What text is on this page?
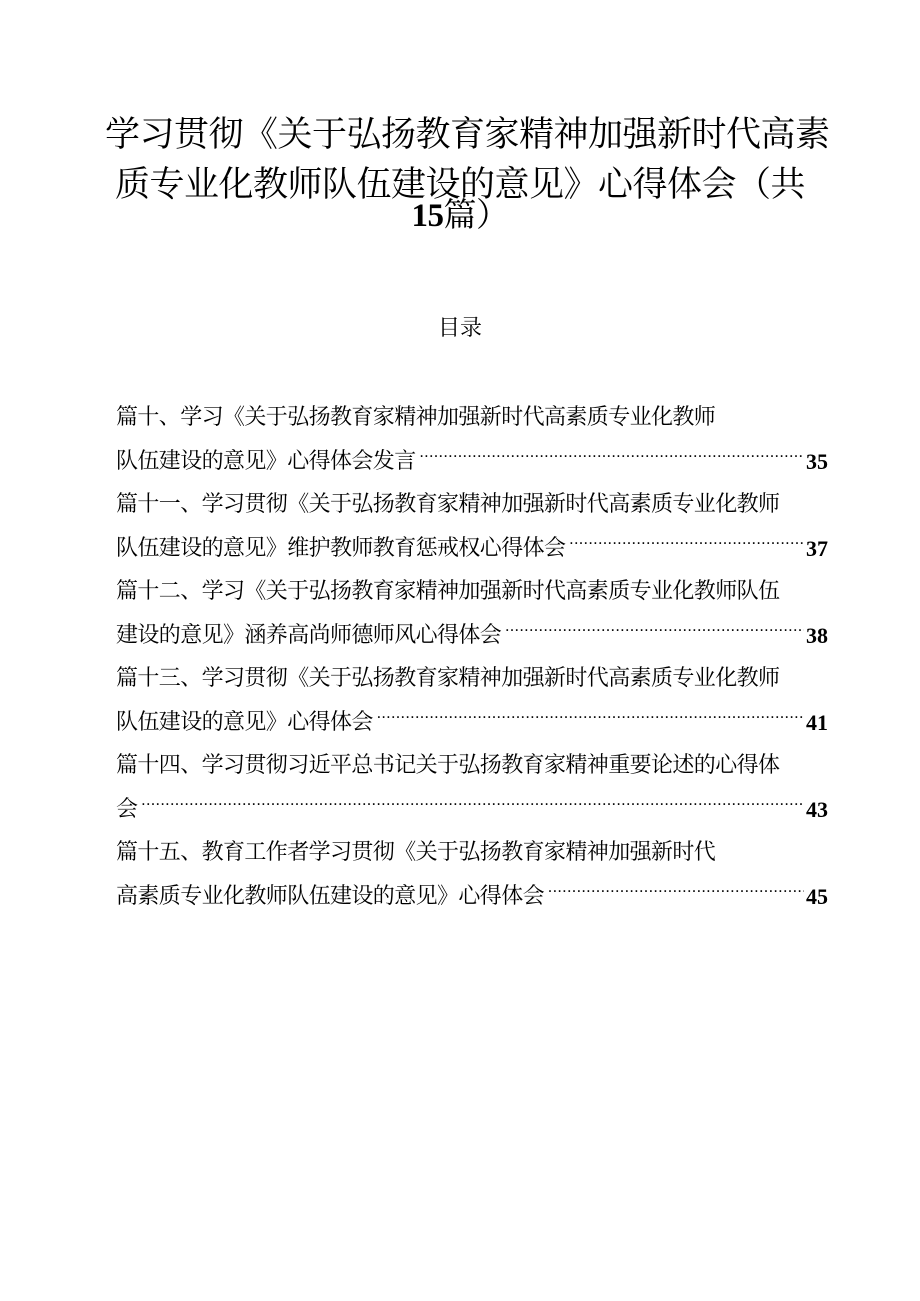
学习贯彻《关于弘扬教育家精神加强新时代高素
质专业化教师队伍建设的意见》心得体会（共
15篇）
目录
篇十、学习《关于弘扬教育家精神加强新时代高素质专业化教师
队伍建设的意见》心得体会发言 .....	35
篇十一、学习贯彻《关于弘扬教育家精神加强新时代高素质专业化教师
队伍建设的意见》维护教师教育惩戒权心得体会 .....	37
篇十二、学习《关于弘扬教育家精神加强新时代高素质专业化教师队伍
建设的意见》涵养高尚师德师风心得体会 .....	38
篇十三、学习贯彻《关于弘扬教育家精神加强新时代高素质专业化教师
队伍建设的意见》心得体会 .....	41
篇十四、学习贯彻习近平总书记关于弘扬教育家精神重要论述的心得体
会 .....	43
篇十五、教育工作者学习贯彻《关于弘扬教育家精神加强新时代
高素质专业化教师队伍建设的意见》心得体会 .....	45
